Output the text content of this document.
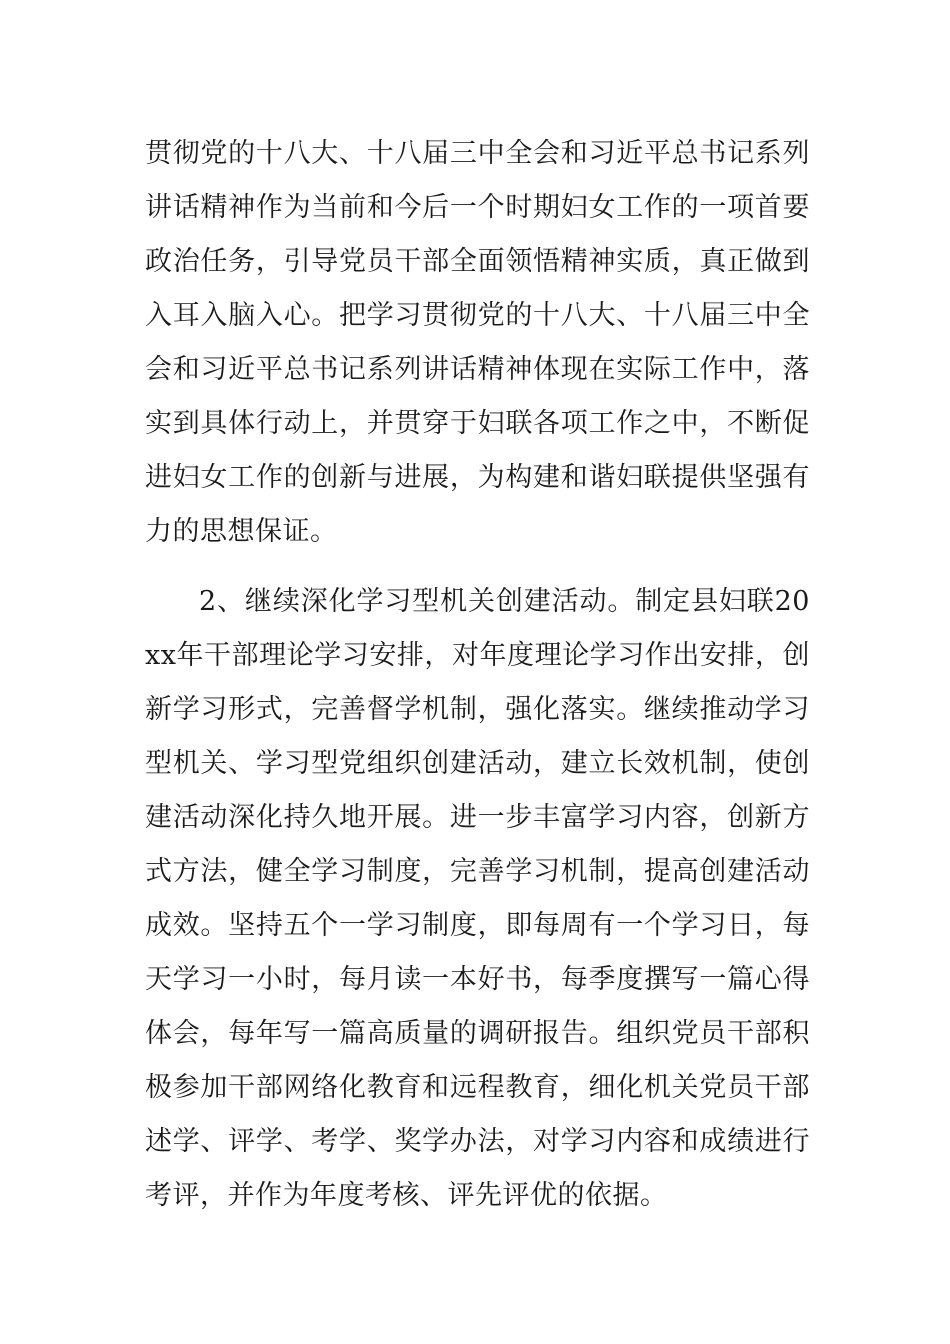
贯彻党的十八大、十八届三中全会和习近平总书记系列讲话精神作为当前和今后一个时期妇女工作的一项首要政治任务，引导党员干部全面领悟精神实质，真正做到入耳入脑入心。把学习贯彻党的十八大、十八届三中全会和习近平总书记系列讲话精神体现在实际工作中，落实到具体行动上，并贯穿于妇联各项工作之中，不断促进妇女工作的创新与进展，为构建和谐妇联提供坚强有力的思想保证。

2、继续深化学习型机关创建活动。制定县妇联20xx年干部理论学习安排，对年度理论学习作出安排，创新学习形式，完善督学机制，强化落实。继续推动学习型机关、学习型党组织创建活动，建立长效机制，使创建活动深化持久地开展。进一步丰富学习内容，创新方式方法，健全学习制度，完善学习机制，提高创建活动成效。坚持五个一学习制度，即每周有一个学习日，每天学习一小时，每月读一本好书，每季度撰写一篇心得体会，每年写一篇高质量的调研报告。组织党员干部积极参加干部网络化教育和远程教育，细化机关党员干部述学、评学、考学、奖学办法，对学习内容和成绩进行考评，并作为年度考核、评先评优的依据。
